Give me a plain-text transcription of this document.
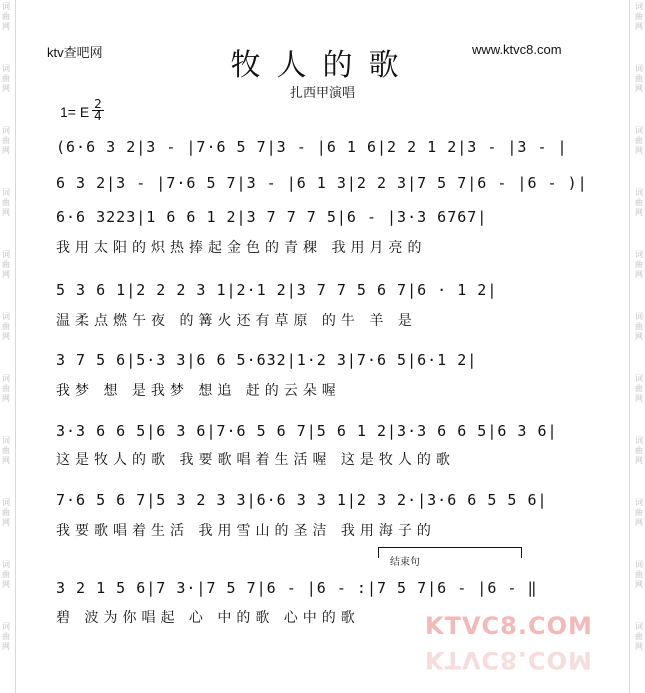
词
曲
网
词
曲
网
词
曲
网
词
曲
网
词
曲
网
词
曲
网
词
曲
网
词
曲
网
词
曲
网
词
曲
网
词
曲
网
词
曲
网
词
曲
网
词
曲
网
词
曲
网
词
曲
网
词
曲
网
词
曲
网
词
曲
网
词
曲
网
词
曲
网
词
曲
网
ktv查吧网	www.ktvc8.com
牧人的歌
扎西甲演唱
1= E $\frac{2}{4}$
(6·6 3 2|3 - |7·6 5 7|3 - |6 1 6|2 2 1 2|3 - |3 - |
6 3 2|3 - |7·6 5 7|3 - |6 1 3|2 2 3|7 5 7|6 - |6 - )|
6·6 3223|1 6 6 1 2|3 7 7 7 5|6 - |3·3 6767|
我用太阳的炽热捧起金色的青稞 我用月亮的
5 3 6 1|2 2 2 3 1|2·1 2|3 7 7 5 6 7|6 · 1 2|
温柔点燃午夜 的篝火还有草原 的牛 羊 是
3 7 5 6|5·3 3|6 6 5·632|1·2 3|7·6 5|6·1 2|
我梦 想 是我梦 想追 赶的云朵喔
3·3 6 6 5|6 3 6|7·6 5 6 7|5 6 1 2|3·3 6 6 5|6 3 6|
这是牧人的歌 我要歌唱着生活喔 这是牧人的歌
7·6 5 6 7|5 3 2 3 3|6·6 3 3 1|2 3 2·|3·6 6 5 5 6|
我要歌唱着生活 我用雪山的圣洁 我用海子的
结束句
3 2 1 5 6|7 3·|7 5 7|6 - |6 - :|7 5 7|6 - |6 - ‖
碧 波为你唱起 心 中的歌 心中的歌	KTVC8.COM
KTVC8.COM
